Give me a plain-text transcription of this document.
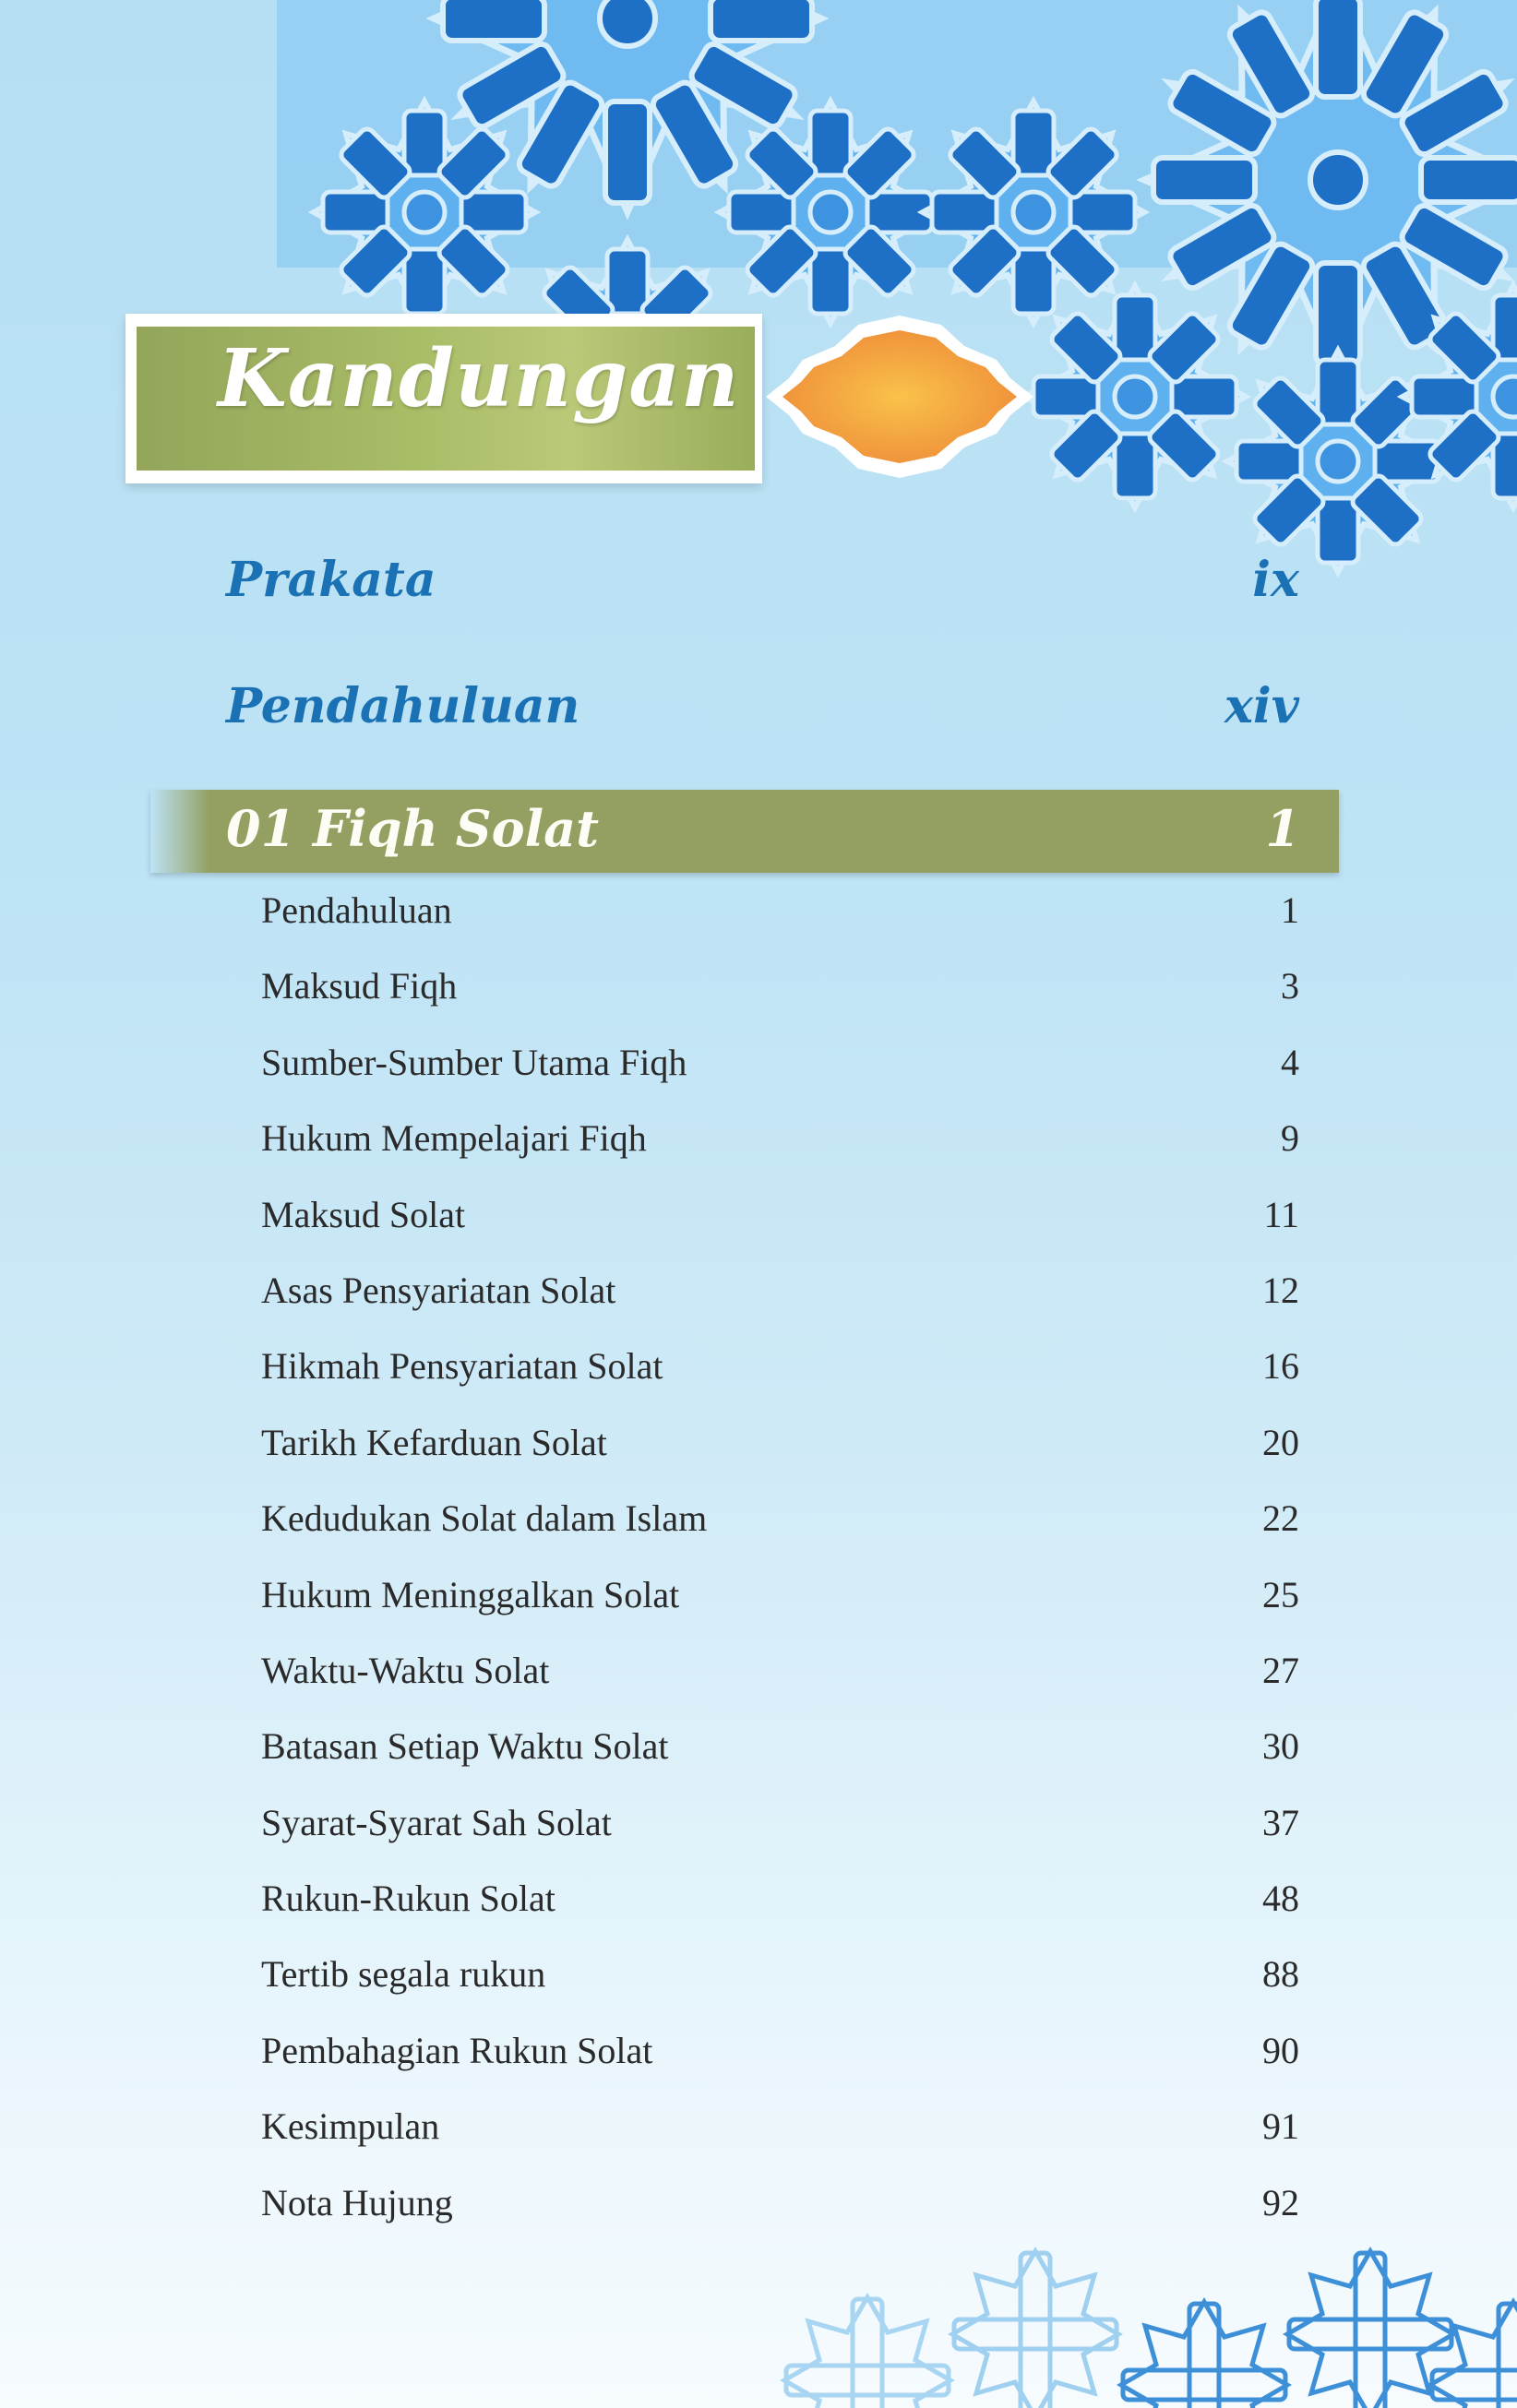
Kandungan
Prakata	ix
Pendahuluan	xiv
01 Fiqh Solat	1
Pendahuluan	1
Maksud Fiqh	3
Sumber-Sumber Utama Fiqh	4
Hukum Mempelajari Fiqh	9
Maksud Solat	11
Asas Pensyariatan Solat	12
Hikmah Pensyariatan Solat	16
Tarikh Kefarduan Solat	20
Kedudukan Solat dalam Islam	22
Hukum Meninggalkan Solat	25
Waktu-Waktu Solat	27
Batasan Setiap Waktu Solat	30
Syarat-Syarat Sah Solat	37
Rukun-Rukun Solat	48
Tertib segala rukun	88
Pembahagian Rukun Solat	90
Kesimpulan	91
Nota Hujung	92
